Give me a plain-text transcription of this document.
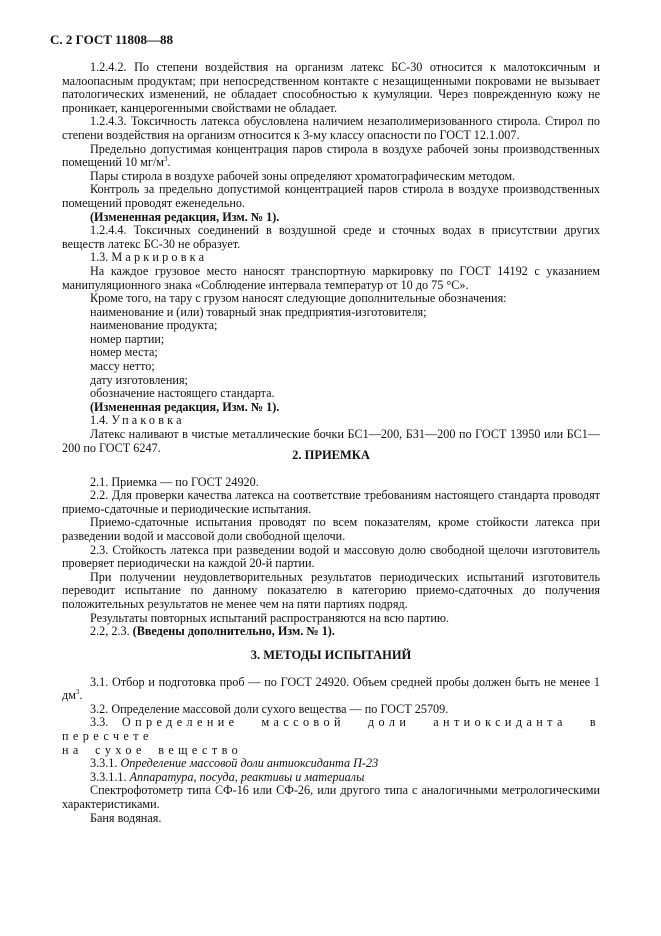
С. 2 ГОСТ 11808—88

1.2.4.2. По степени воздействия на организм латекс БС-30 относится к малотоксичным и малоопасным продуктам; при непосредственном контакте с незащищенными покровами не вызывает патологических изменений, не обладает способностью к кумуляции. Через поврежденную кожу не проникает, канцерогенными свойствами не обладает.

1.2.4.3. Токсичность латекса обусловлена наличием незаполимеризованного стирола. Стирол по степени воздействия на организм относится к 3-му классу опасности по ГОСТ 12.1.007.

Предельно допустимая концентрация паров стирола в воздухе рабочей зоны производственных помещений 10 $мг/м^3$.

Пары стирола в воздухе рабочей зоны определяют хроматографическим методом.

Контроль за предельно допустимой концентрацией паров стирола в воздухе производственных помещений проводят еженедельно.

(Измененная редакция, Изм. № 1).

1.2.4.4. Токсичных соединений в воздушной среде и сточных водах в присутствии других веществ латекс БС-30 не образует.

1.3. Маркировка

На каждое грузовое место наносят транспортную маркировку по ГОСТ 14192 с указанием манипуляционного знака «Соблюдение интервала температур от 10 до 75 °С».

Кроме того, на тару с грузом наносят следующие дополнительные обозначения:

наименование и (или) товарный знак предприятия-изготовителя;

наименование продукта;

номер партии;

номер места;

массу нетто;

дату изготовления;

обозначение настоящего стандарта.

(Измененная редакция, Изм. № 1).

1.4. Упаковка

Латекс наливают в чистые металлические бочки БС1—200, БЗ1—200 по ГОСТ 13950 или БС1—200 по ГОСТ 6247.

2. ПРИЕМКА

2.1. Приемка — по ГОСТ 24920.

2.2. Для проверки качества латекса на соответствие требованиям настоящего стандарта проводят приемо-сдаточные и периодические испытания.

Приемо-сдаточные испытания проводят по всем показателям, кроме стойкости латекса при разведении водой и массовой доли свободной щелочи.

2.3. Стойкость латекса при разведении водой и массовую долю свободной щелочи изготовитель проверяет периодически на каждой 20-й партии.

При получении неудовлетворительных результатов периодических испытаний изготовитель переводит испытание по данному показателю в категорию приемо-сдаточных до получения положительных результатов не менее чем на пяти партиях подряд.

Результаты повторных испытаний распространяются на всю партию.

2.2, 2.3. (Введены дополнительно, Изм. № 1).

3. МЕТОДЫ ИСПЫТАНИЙ

3.1. Отбор и подготовка проб — по ГОСТ 24920. Объем средней пробы должен быть не менее 1 $дм^3$.

3.2. Определение массовой доли сухого вещества — по ГОСТ 25709.

3.3. Определение массовой доли антиоксиданта в пересчете

на сухое вещество

3.3.1. Определение массовой доли антиоксиданта П-23

3.3.1.1. Аппаратура, посуда, реактивы и материалы

Спектрофотометр типа СФ-16 или СФ-26, или другого типа с аналогичными метрологическими характеристиками.

Баня водяная.
